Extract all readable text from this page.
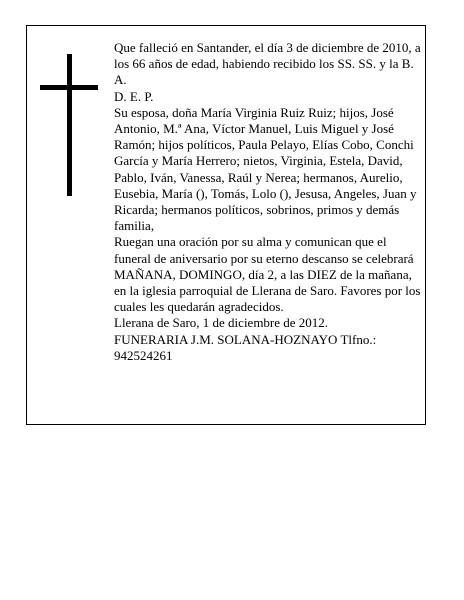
Que falleció en Santander, el día 3 de diciembre de 2010, a los 66 años de edad, habiendo recibido los SS. SS. y la B. A.

D. E. P.

Su esposa, doña María Virginia Ruiz Ruiz; hijos, José Antonio, M.ª Ana, Víctor Manuel, Luis Miguel y José Ramón; hijos políticos, Paula Pelayo, Elías Cobo, Conchi García y María Herrero; nietos, Virginia, Estela, David, Pablo, Iván, Vanessa, Raúl y Nerea; hermanos, Aurelio, Eusebia, María (), Tomás, Lolo (), Jesusa, Angeles, Juan y Ricarda; hermanos políticos, sobrinos, primos y demás familia,

Ruegan una oración por su alma y comunican que el funeral de aniversario por su eterno descanso se celebrará MAÑANA, DOMINGO, día 2, a las DIEZ de la mañana, en la iglesia parroquial de Llerana de Saro. Favores por los cuales les quedarán agradecidos.

Llerana de Saro, 1 de diciembre de 2012.

FUNERARIA J.M. SOLANA-HOZNAYO Tlfno.: 942524261
